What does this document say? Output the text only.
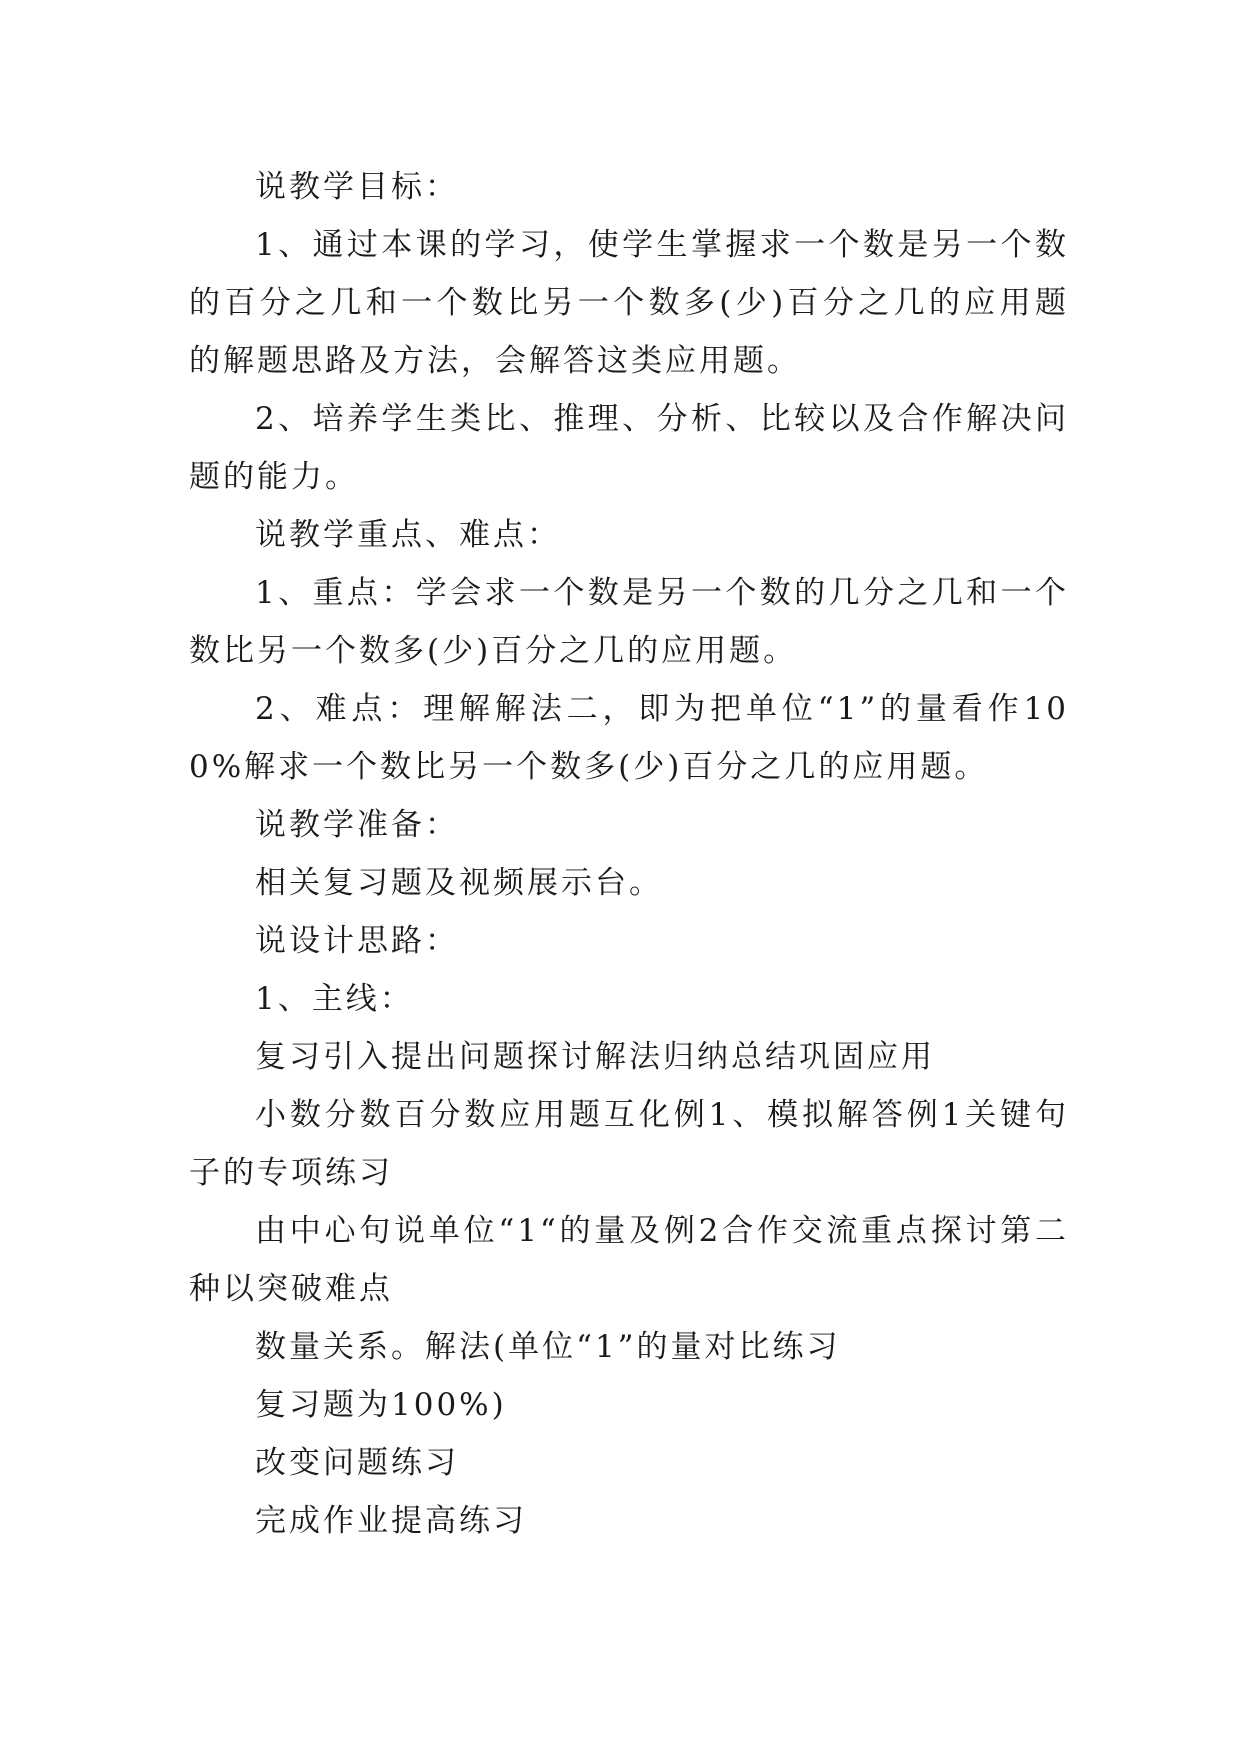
说教学目标：

1、通过本课的学习，使学生掌握求一个数是另一个数的百分之几和一个数比另一个数多(少)百分之几的应用题的解题思路及方法，会解答这类应用题。

2、培养学生类比、推理、分析、比较以及合作解决问题的能力。

说教学重点、难点：

1、重点：学会求一个数是另一个数的几分之几和一个数比另一个数多(少)百分之几的应用题。

2、难点：理解解法二，即为把单位“1”的量看作100%解求一个数比另一个数多(少)百分之几的应用题。

说教学准备：

相关复习题及视频展示台。

说设计思路：

1、主线：

复习引入提出问题探讨解法归纳总结巩固应用

小数分数百分数应用题互化例1、模拟解答例1关键句子的专项练习

由中心句说单位“1“的量及例2合作交流重点探讨第二种以突破难点

数量关系。解法(单位“1”的量对比练习

复习题为100%)

改变问题练习

完成作业提高练习
